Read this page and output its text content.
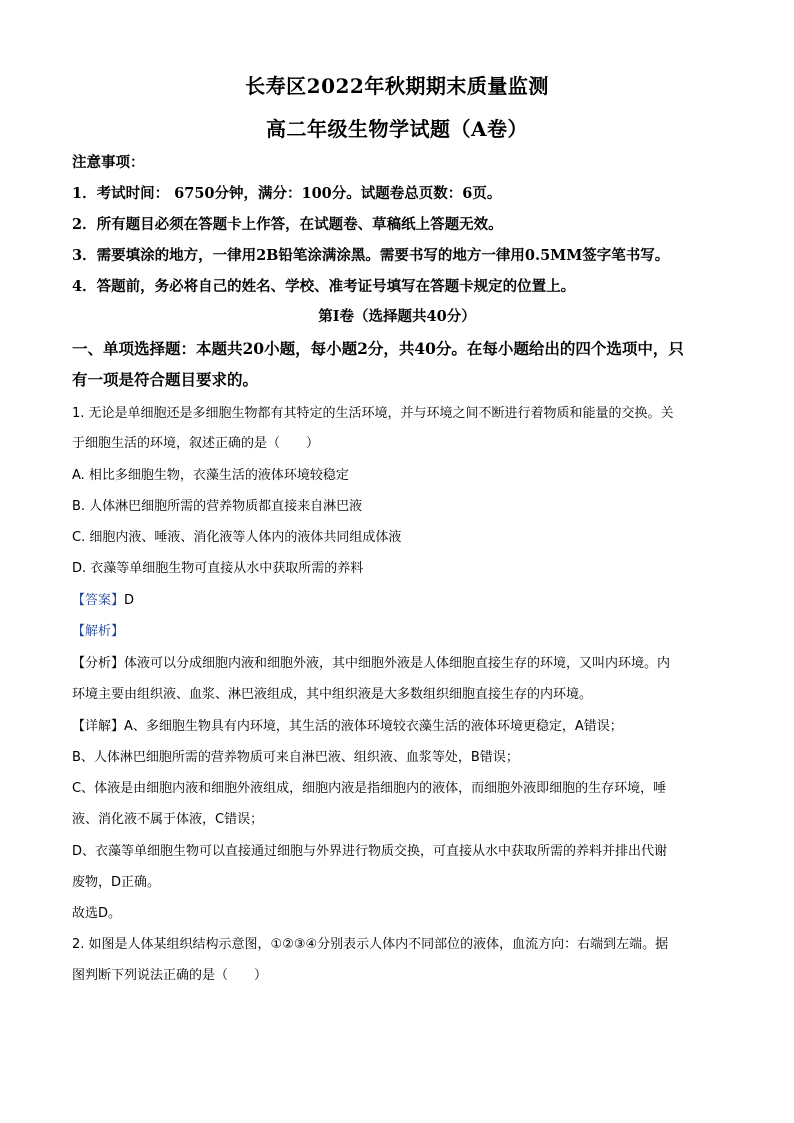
长寿区2022年秋期期末质量监测
高二年级生物学试题（A卷）
注意事项：
1．考试时间： 6750分钟，满分：100分。试题卷总页数：6页。
2．所有题目必须在答题卡上作答，在试题卷、草稿纸上答题无效。
3．需要填涂的地方，一律用2B铅笔涂满涂黑。需要书写的地方一律用0.5MM签字笔书写。
4．答题前，务必将自己的姓名、学校、准考证号填写在答题卡规定的位置上。
第Ⅰ卷（选择题共40分）
一、单项选择题：本题共20小题，每小题2分，共40分。在每小题给出的四个选项中，只
有一项是符合题目要求的。
1. 无论是单细胞还是多细胞生物都有其特定的生活环境，并与环境之间不断进行着物质和能量的交换。关
于细胞生活的环境，叙述正确的是（　　）
A. 相比多细胞生物，衣藻生活的液体环境较稳定
B. 人体淋巴细胞所需的营养物质都直接来自淋巴液
C. 细胞内液、唾液、消化液等人体内的液体共同组成体液
D. 衣藻等单细胞生物可直接从水中获取所需的养料
【答案】D
【解析】
【分析】体液可以分成细胞内液和细胞外液，其中细胞外液是人体细胞直接生存的环境，又叫内环境。内
环境主要由组织液、血浆、淋巴液组成，其中组织液是大多数组织细胞直接生存的内环境。
【详解】A、多细胞生物具有内环境，其生活的液体环境较衣藻生活的液体环境更稳定，A错误；
B、人体淋巴细胞所需的营养物质可来自淋巴液、组织液、血浆等处，B错误；
C、体液是由细胞内液和细胞外液组成，细胞内液是指细胞内的液体，而细胞外液即细胞的生存环境，唾
液、消化液不属于体液，C错误；
D、衣藻等单细胞生物可以直接通过细胞与外界进行物质交换，可直接从水中获取所需的养料并排出代谢
废物，D正确。
故选D。
2. 如图是人体某组织结构示意图，①②③④分别表示人体内不同部位的液体，血流方向：右端到左端。据
图判断下列说法正确的是（　　）
